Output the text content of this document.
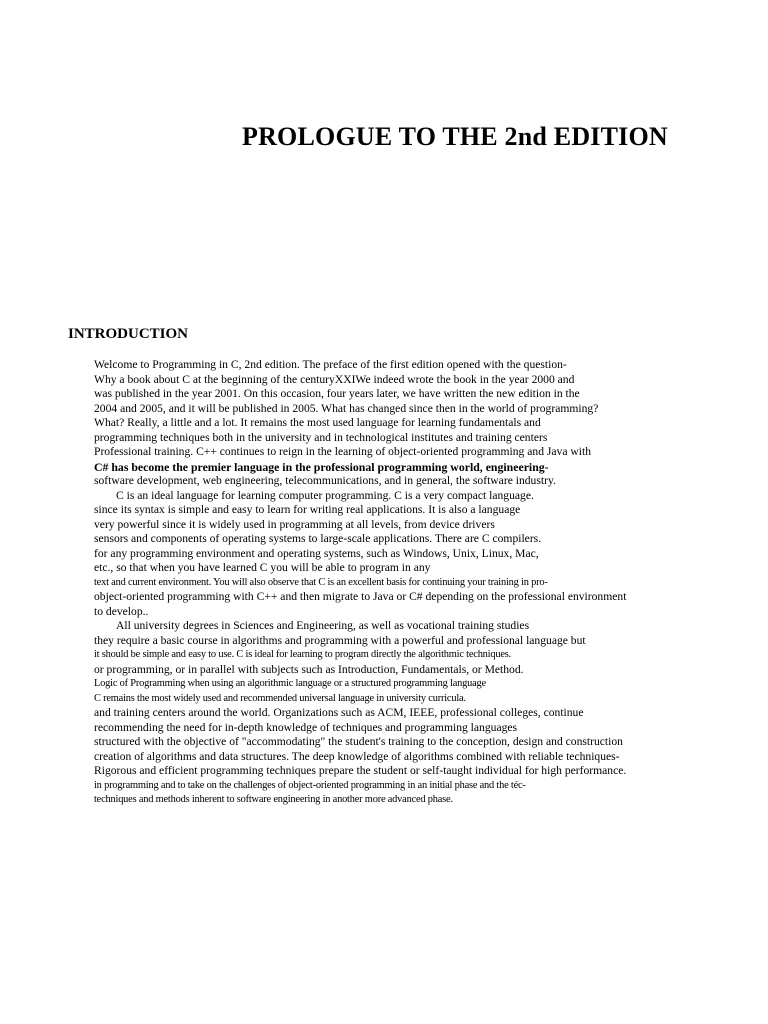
PROLOGUE TO THE 2nd EDITION
INTRODUCTION
Welcome to Programming in C, 2nd edition. The preface of the first edition opened with the question-
Why a book about C at the beginning of the centuryXXIWe indeed wrote the book in the year 2000 and
was published in the year 2001. On this occasion, four years later, we have written the new edition in the
2004 and 2005, and it will be published in 2005. What has changed since then in the world of programming?
What? Really, a little and a lot. It remains the most used language for learning fundamentals and
programming techniques both in the university and in technological institutes and training centers
Professional training. C++ continues to reign in the learning of object-oriented programming and Java with
C# has become the premier language in the professional programming world, engineering-
software development, web engineering, telecommunications, and in general, the software industry.
C is an ideal language for learning computer programming. C is a very compact language.
since its syntax is simple and easy to learn for writing real applications. It is also a language
very powerful since it is widely used in programming at all levels, from device drivers
sensors and components of operating systems to large-scale applications. There are C compilers.
for any programming environment and operating systems, such as Windows, Unix, Linux, Mac,
etc., so that when you have learned C you will be able to program in any
text and current environment. You will also observe that C is an excellent basis for continuing your training in pro-
object-oriented programming with C++ and then migrate to Java or C# depending on the professional environment
to develop..
All university degrees in Sciences and Engineering, as well as vocational training studies
they require a basic course in algorithms and programming with a powerful and professional language but
it should be simple and easy to use. C is ideal for learning to program directly the algorithmic techniques.
or programming, or in parallel with subjects such as Introduction, Fundamentals, or Method.
Logic of Programming when using an algorithmic language or a structured programming language
C remains the most widely used and recommended universal language in university curricula.
and training centers around the world. Organizations such as ACM, IEEE, professional colleges, continue
recommending the need for in-depth knowledge of techniques and programming languages
structured with the objective of "accommodating" the student's training to the conception, design and construction
creation of algorithms and data structures. The deep knowledge of algorithms combined with reliable techniques-
Rigorous and efficient programming techniques prepare the student or self-taught individual for high performance.
in programming and to take on the challenges of object-oriented programming in an initial phase and the téc-
techniques and methods inherent to software engineering in another more advanced phase.
